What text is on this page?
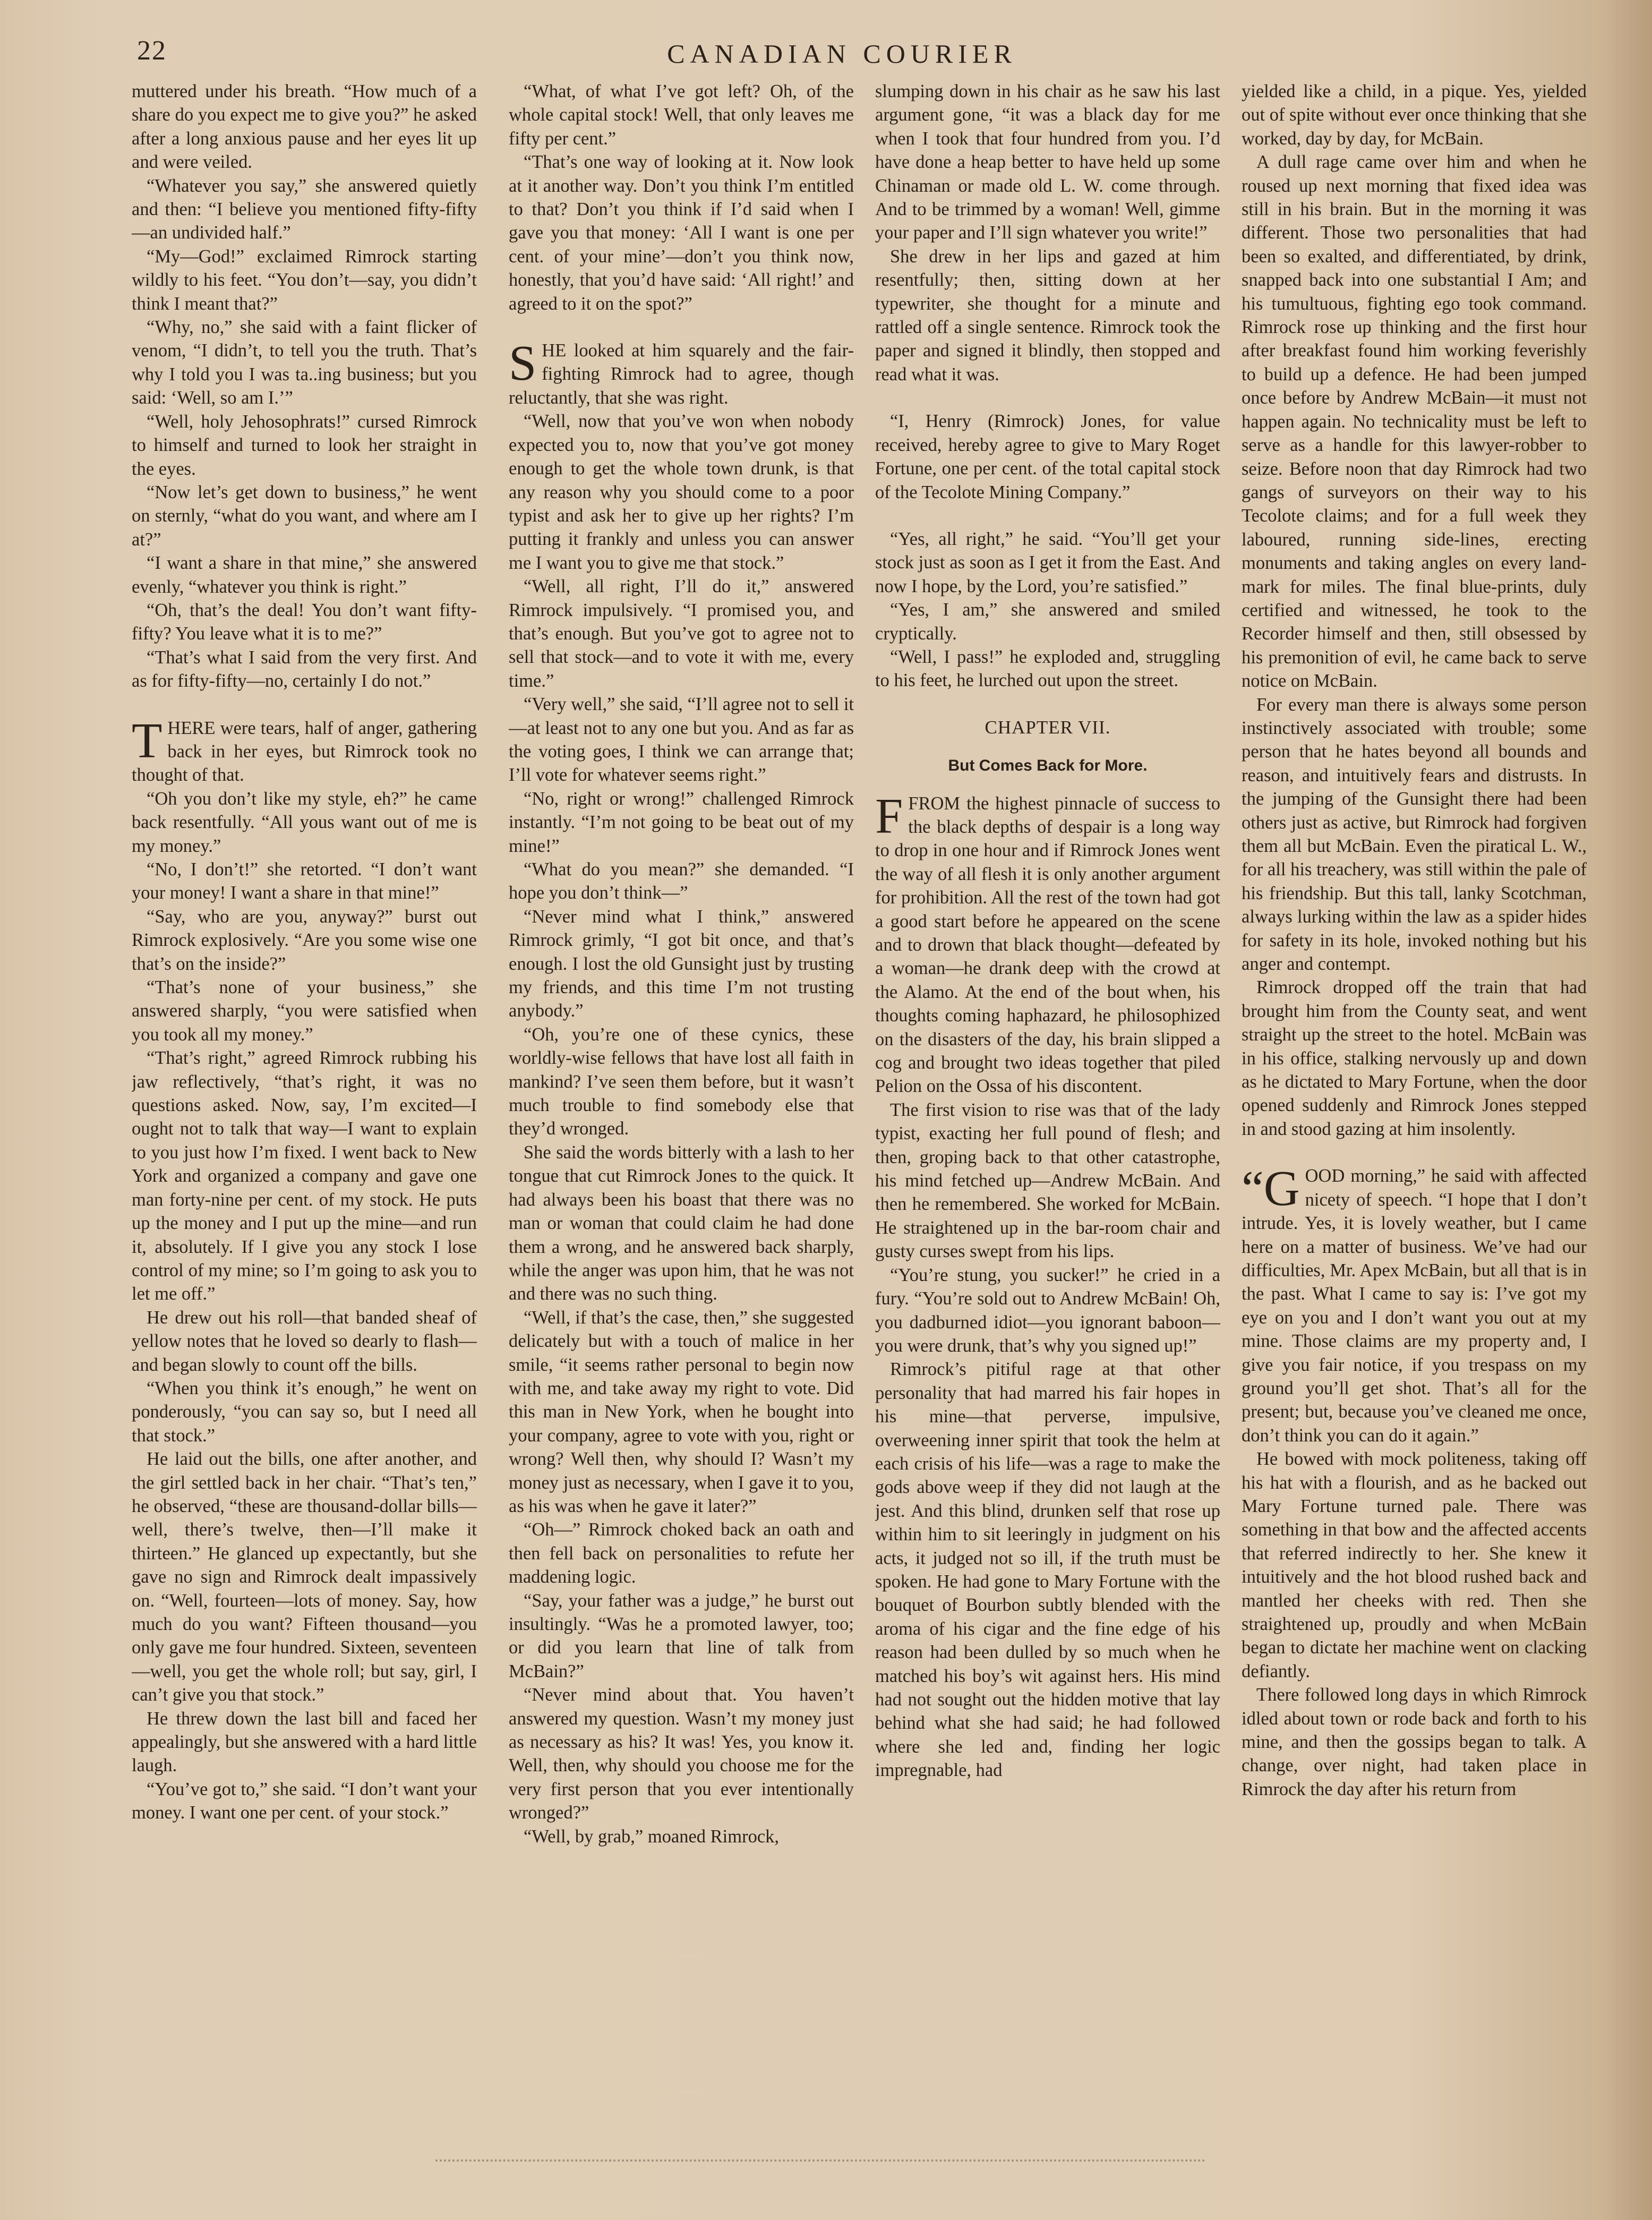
22	CANADIAN COURIER

muttered under his breath. “How much of a share do you expect me to give you?” he asked after a long anxious pause and her eyes lit up and were veiled.

“Whatever you say,” she answered quietly and then: “I believe you mentioned fifty-fifty—an undivided half.”

“My—God!” exclaimed Rimrock starting wildly to his feet. “You don’t—say, you didn’t think I meant that?”

“Why, no,” she said with a faint flicker of venom, “I didn’t, to tell you the truth. That’s why I told you I was ta..ing business; but you said: ‘Well, so am I.’”

“Well, holy Jehosophrats!” cursed Rimrock to himself and turned to look her straight in the eyes.

“Now let’s get down to business,” he went on sternly, “what do you want, and where am I at?”

“I want a share in that mine,” she answered evenly, “whatever you think is right.”

“Oh, that’s the deal! You don’t want fifty-fifty? You leave what it is to me?”

“That’s what I said from the very first. And as for fifty-fifty—no, certainly I do not.”

THERE were tears, half of anger, gathering back in her eyes, but Rimrock took no thought of that.

“Oh you don’t like my style, eh?” he came back resentfully. “All yous want out of me is my money.”

“No, I don’t!” she retorted. “I don’t want your money! I want a share in that mine!”

“Say, who are you, anyway?” burst out Rimrock explosively. “Are you some wise one that’s on the inside?”

“That’s none of your business,” she answered sharply, “you were satisfied when you took all my money.”

“That’s right,” agreed Rimrock rubbing his jaw reflectively, “that’s right, it was no questions asked. Now, say, I’m excited—I ought not to talk that way—I want to explain to you just how I’m fixed. I went back to New York and organized a company and gave one man forty-nine per cent. of my stock. He puts up the money and I put up the mine—and run it, absolutely. If I give you any stock I lose control of my mine; so I’m going to ask you to let me off.”

He drew out his roll—that banded sheaf of yellow notes that he loved so dearly to flash—and began slowly to count off the bills.

“When you think it’s enough,” he went on ponderously, “you can say so, but I need all that stock.”

He laid out the bills, one after another, and the girl settled back in her chair. “That’s ten,” he observed, “these are thousand-dollar bills—well, there’s twelve, then—I’ll make it thirteen.” He glanced up expectantly, but she gave no sign and Rimrock dealt impassively on. “Well, fourteen—lots of money. Say, how much do you want? Fifteen thousand—you only gave me four hundred. Sixteen, seventeen—well, you get the whole roll; but say, girl, I can’t give you that stock.”

He threw down the last bill and faced her appealingly, but she answered with a hard little laugh.

“You’ve got to,” she said. “I don’t want your money. I want one per cent. of your stock.”

“What, of what I’ve got left? Oh, of the whole capital stock! Well, that only leaves me fifty per cent.”

“That’s one way of looking at it. Now look at it another way. Don’t you think I’m entitled to that? Don’t you think if I’d said when I gave you that money: ‘All I want is one per cent. of your mine’—don’t you think now, honestly, that you’d have said: ‘All right!’ and agreed to it on the spot?”

SHE looked at him squarely and the fair-fighting Rimrock had to agree, though reluctantly, that she was right.

“Well, now that you’ve won when nobody expected you to, now that you’ve got money enough to get the whole town drunk, is that any reason why you should come to a poor typist and ask her to give up her rights? I’m putting it frankly and unless you can answer me I want you to give me that stock.”

“Well, all right, I’ll do it,” answered Rimrock impulsively. “I promised you, and that’s enough. But you’ve got to agree not to sell that stock—and to vote it with me, every time.”

“Very well,” she said, “I’ll agree not to sell it—at least not to any one but you. And as far as the voting goes, I think we can arrange that; I’ll vote for whatever seems right.”

“No, right or wrong!” challenged Rimrock instantly. “I’m not going to be beat out of my mine!”

“What do you mean?” she demanded. “I hope you don’t think—”

“Never mind what I think,” answered Rimrock grimly, “I got bit once, and that’s enough. I lost the old Gunsight just by trusting my friends, and this time I’m not trusting anybody.”

“Oh, you’re one of these cynics, these worldly-wise fellows that have lost all faith in mankind? I’ve seen them before, but it wasn’t much trouble to find somebody else that they’d wronged.

She said the words bitterly with a lash to her tongue that cut Rimrock Jones to the quick. It had always been his boast that there was no man or woman that could claim he had done them a wrong, and he answered back sharply, while the anger was upon him, that he was not and there was no such thing.

“Well, if that’s the case, then,” she suggested delicately but with a touch of malice in her smile, “it seems rather personal to begin now with me, and take away my right to vote. Did this man in New York, when he bought into your company, agree to vote with you, right or wrong? Well then, why should I? Wasn’t my money just as necessary, when I gave it to you, as his was when he gave it later?”

“Oh—” Rimrock choked back an oath and then fell back on personalities to refute her maddening logic.

“Say, your father was a judge,” he burst out insultingly. “Was he a promoted lawyer, too; or did you learn that line of talk from McBain?”

“Never mind about that. You haven’t answered my question. Wasn’t my money just as necessary as his? It was! Yes, you know it. Well, then, why should you choose me for the very first person that you ever intentionally wronged?”

“Well, by grab,” moaned Rimrock,

slumping down in his chair as he saw his last argument gone, “it was a black day for me when I took that four hundred from you. I’d have done a heap better to have held up some Chinaman or made old L. W. come through. And to be trimmed by a woman! Well, gimme your paper and I’ll sign whatever you write!”

She drew in her lips and gazed at him resentfully; then, sitting down at her typewriter, she thought for a minute and rattled off a single sentence. Rimrock took the paper and signed it blindly, then stopped and read what it was.

“I, Henry (Rimrock) Jones, for value received, hereby agree to give to Mary Roget Fortune, one per cent. of the total capital stock of the Tecolote Mining Company.”

“Yes, all right,” he said. “You’ll get your stock just as soon as I get it from the East. And now I hope, by the Lord, you’re satisfied.”

“Yes, I am,” she answered and smiled cryptically.

“Well, I pass!” he exploded and, struggling to his feet, he lurched out upon the street.

CHAPTER VII.
But Comes Back for More.

FFROM the highest pinnacle of success to the black depths of despair is a long way to drop in one hour and if Rimrock Jones went the way of all flesh it is only another argument for prohibition. All the rest of the town had got a good start before he appeared on the scene and to drown that black thought—defeated by a woman—he drank deep with the crowd at the Alamo. At the end of the bout when, his thoughts coming haphazard, he philosophized on the disasters of the day, his brain slipped a cog and brought two ideas together that piled Pelion on the Ossa of his discontent.

The first vision to rise was that of the lady typist, exacting her full pound of flesh; and then, groping back to that other catastrophe, his mind fetched up—Andrew McBain. And then he remembered. She worked for McBain. He straightened up in the bar-room chair and gusty curses swept from his lips.

“You’re stung, you sucker!” he cried in a fury. “You’re sold out to Andrew McBain! Oh, you dadburned idiot—you ignorant baboon—you were drunk, that’s why you signed up!”

Rimrock’s pitiful rage at that other personality that had marred his fair hopes in his mine—that perverse, impulsive, overweening inner spirit that took the helm at each crisis of his life—was a rage to make the gods above weep if they did not laugh at the jest. And this blind, drunken self that rose up within him to sit leeringly in judgment on his acts, it judged not so ill, if the truth must be spoken. He had gone to Mary Fortune with the bouquet of Bourbon subtly blended with the aroma of his cigar and the fine edge of his reason had been dulled by so much when he matched his boy’s wit against hers. His mind had not sought out the hidden motive that lay behind what she had said; he had followed where she led and, finding her logic impregnable, had

yielded like a child, in a pique. Yes, yielded out of spite without ever once thinking that she worked, day by day, for McBain.

A dull rage came over him and when he roused up next morning that fixed idea was still in his brain. But in the morning it was different. Those two personalities that had been so exalted, and differentiated, by drink, snapped back into one substantial I Am; and his tumultuous, fighting ego took command. Rimrock rose up thinking and the first hour after breakfast found him working feverishly to build up a defence. He had been jumped once before by Andrew McBain—it must not happen again. No technicality must be left to serve as a handle for this lawyer-robber to seize. Before noon that day Rimrock had two gangs of surveyors on their way to his Tecolote claims; and for a full week they laboured, running side-lines, erecting monuments and taking angles on every land-mark for miles. The final blue-prints, duly certified and witnessed, he took to the Recorder himself and then, still obsessed by his premonition of evil, he came back to serve notice on McBain.

For every man there is always some person instinctively associated with trouble; some person that he hates beyond all bounds and reason, and intuitively fears and distrusts. In the jumping of the Gunsight there had been others just as active, but Rimrock had forgiven them all but McBain. Even the piratical L. W., for all his treachery, was still within the pale of his friendship. But this tall, lanky Scotchman, always lurking within the law as a spider hides for safety in its hole, invoked nothing but his anger and contempt.

Rimrock dropped off the train that had brought him from the County seat, and went straight up the street to the hotel. McBain was in his office, stalking nervously up and down as he dictated to Mary Fortune, when the door opened suddenly and Rimrock Jones stepped in and stood gazing at him insolently.

“GOOD morning,” he said with affected nicety of speech. “I hope that I don’t intrude. Yes, it is lovely weather, but I came here on a matter of business. We’ve had our difficulties, Mr. Apex McBain, but all that is in the past. What I came to say is: I’ve got my eye on you and I don’t want you out at my mine. Those claims are my property and, I give you fair notice, if you trespass on my ground you’ll get shot. That’s all for the present; but, because you’ve cleaned me once, don’t think you can do it again.”

He bowed with mock politeness, taking off his hat with a flourish, and as he backed out Mary Fortune turned pale. There was something in that bow and the affected accents that referred indirectly to her. She knew it intuitively and the hot blood rushed back and mantled her cheeks with red. Then she straightened up, proudly and when McBain began to dictate her machine went on clacking defiantly.

There followed long days in which Rimrock idled about town or rode back and forth to his mine, and then the gossips began to talk. A change, over night, had taken place in Rimrock the day after his return from
